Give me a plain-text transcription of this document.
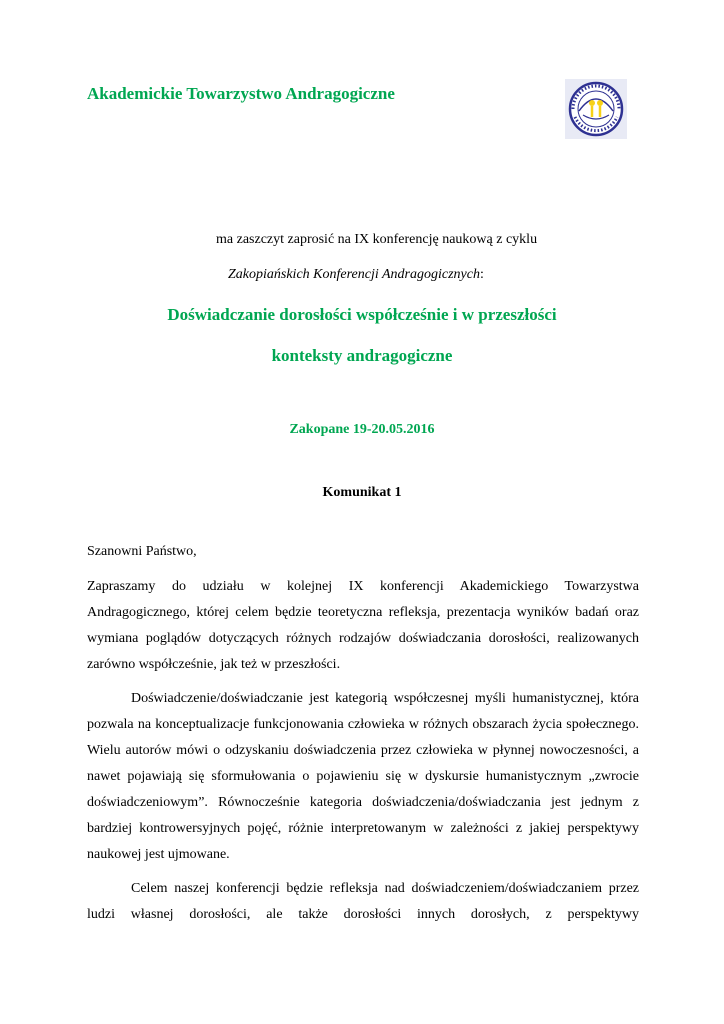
Akademickie Towarzystwo Andragogiczne
ma zaszczyt zaprosić na IX konferencję naukową z cyklu
Zakopiańskich Konferencji Andragogicznych:
Doświadczanie dorosłości współcześnie i w przeszłości
konteksty andragogiczne
Zakopane 19-20.05.2016
Komunikat 1
Szanowni Państwo,

Zapraszamy do udziału w kolejnej IX konferencji Akademickiego Towarzystwa Andragogicznego, której celem będzie teoretyczna refleksja, prezentacja wyników badań oraz wymiana poglądów dotyczących różnych rodzajów doświadczania dorosłości, realizowanych zarówno współcześnie, jak też w przeszłości.

Doświadczenie/doświadczanie jest kategorią współczesnej myśli humanistycznej, która pozwala na konceptualizacje funkcjonowania człowieka w różnych obszarach życia społecznego. Wielu autorów mówi o odzyskaniu doświadczenia przez człowieka w płynnej nowoczesności, a nawet pojawiają się sformułowania o pojawieniu się w dyskursie humanistycznym „zwrocie doświadczeniowym”. Równocześnie kategoria doświadczenia/doświadczania jest jednym z bardziej kontrowersyjnych pojęć, różnie interpretowanym w zależności z jakiej perspektywy naukowej jest ujmowane.

Celem naszej konferencji będzie refleksja nad doświadczeniem/doświadczaniem przez ludzi własnej dorosłości, ale także dorosłości innych dorosłych, z perspektywy
